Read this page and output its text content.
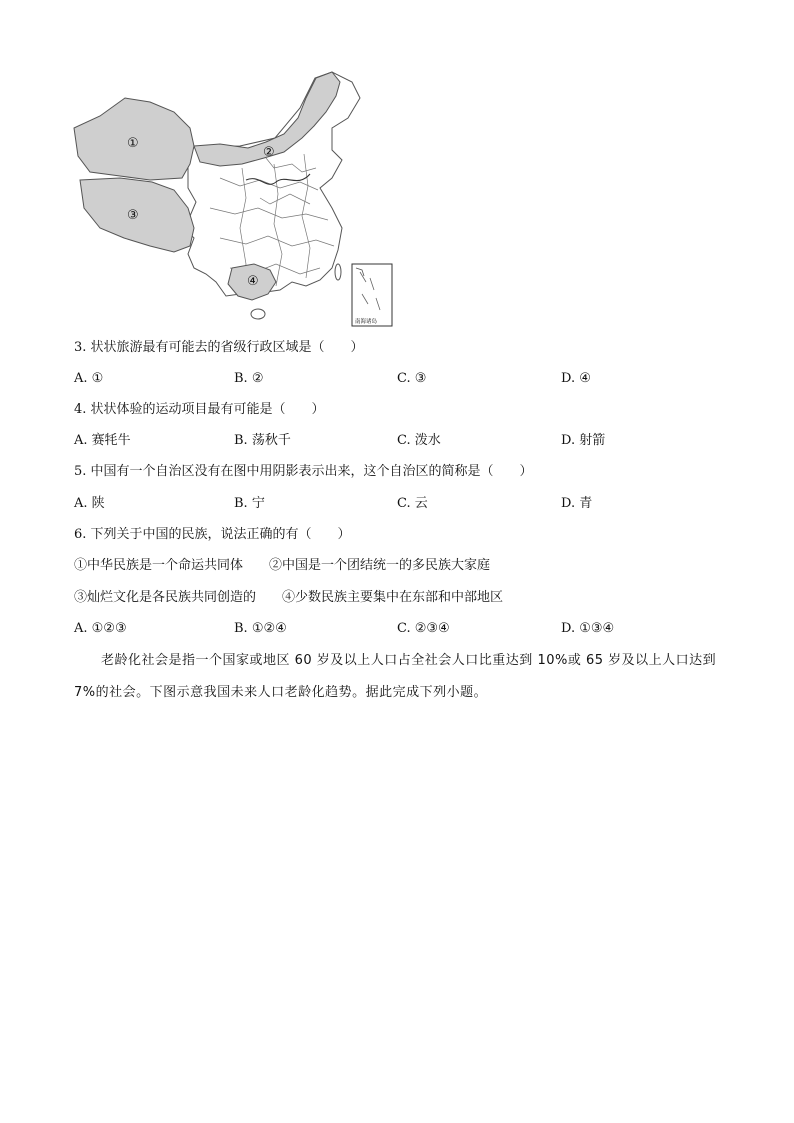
①
②
③
④
南海诸岛
3. 状状旅游最有可能去的省级行政区域是（　　）
A. ①	B. ②	C. ③	D. ④
4. 状状体验的运动项目最有可能是（　　）
A. 赛牦牛	B. 荡秋千	C. 泼水	D. 射箭
5. 中国有一个自治区没有在图中用阴影表示出来，这个自治区的简称是（　　）
A. 陕	B. 宁	C. 云	D. 青
6. 下列关于中国的民族，说法正确的有（　　）
①中华民族是一个命运共同体　　②中国是一个团结统一的多民族大家庭
③灿烂文化是各民族共同创造的　　④少数民族主要集中在东部和中部地区
A. ①②③	B. ①②④	C. ②③④	D. ①③④
　　老龄化社会是指一个国家或地区 60 岁及以上人口占全社会人口比重达到 10%或 65 岁及以上人口达到
7%的社会。下图示意我国未来人口老龄化趋势。据此完成下列小题。
